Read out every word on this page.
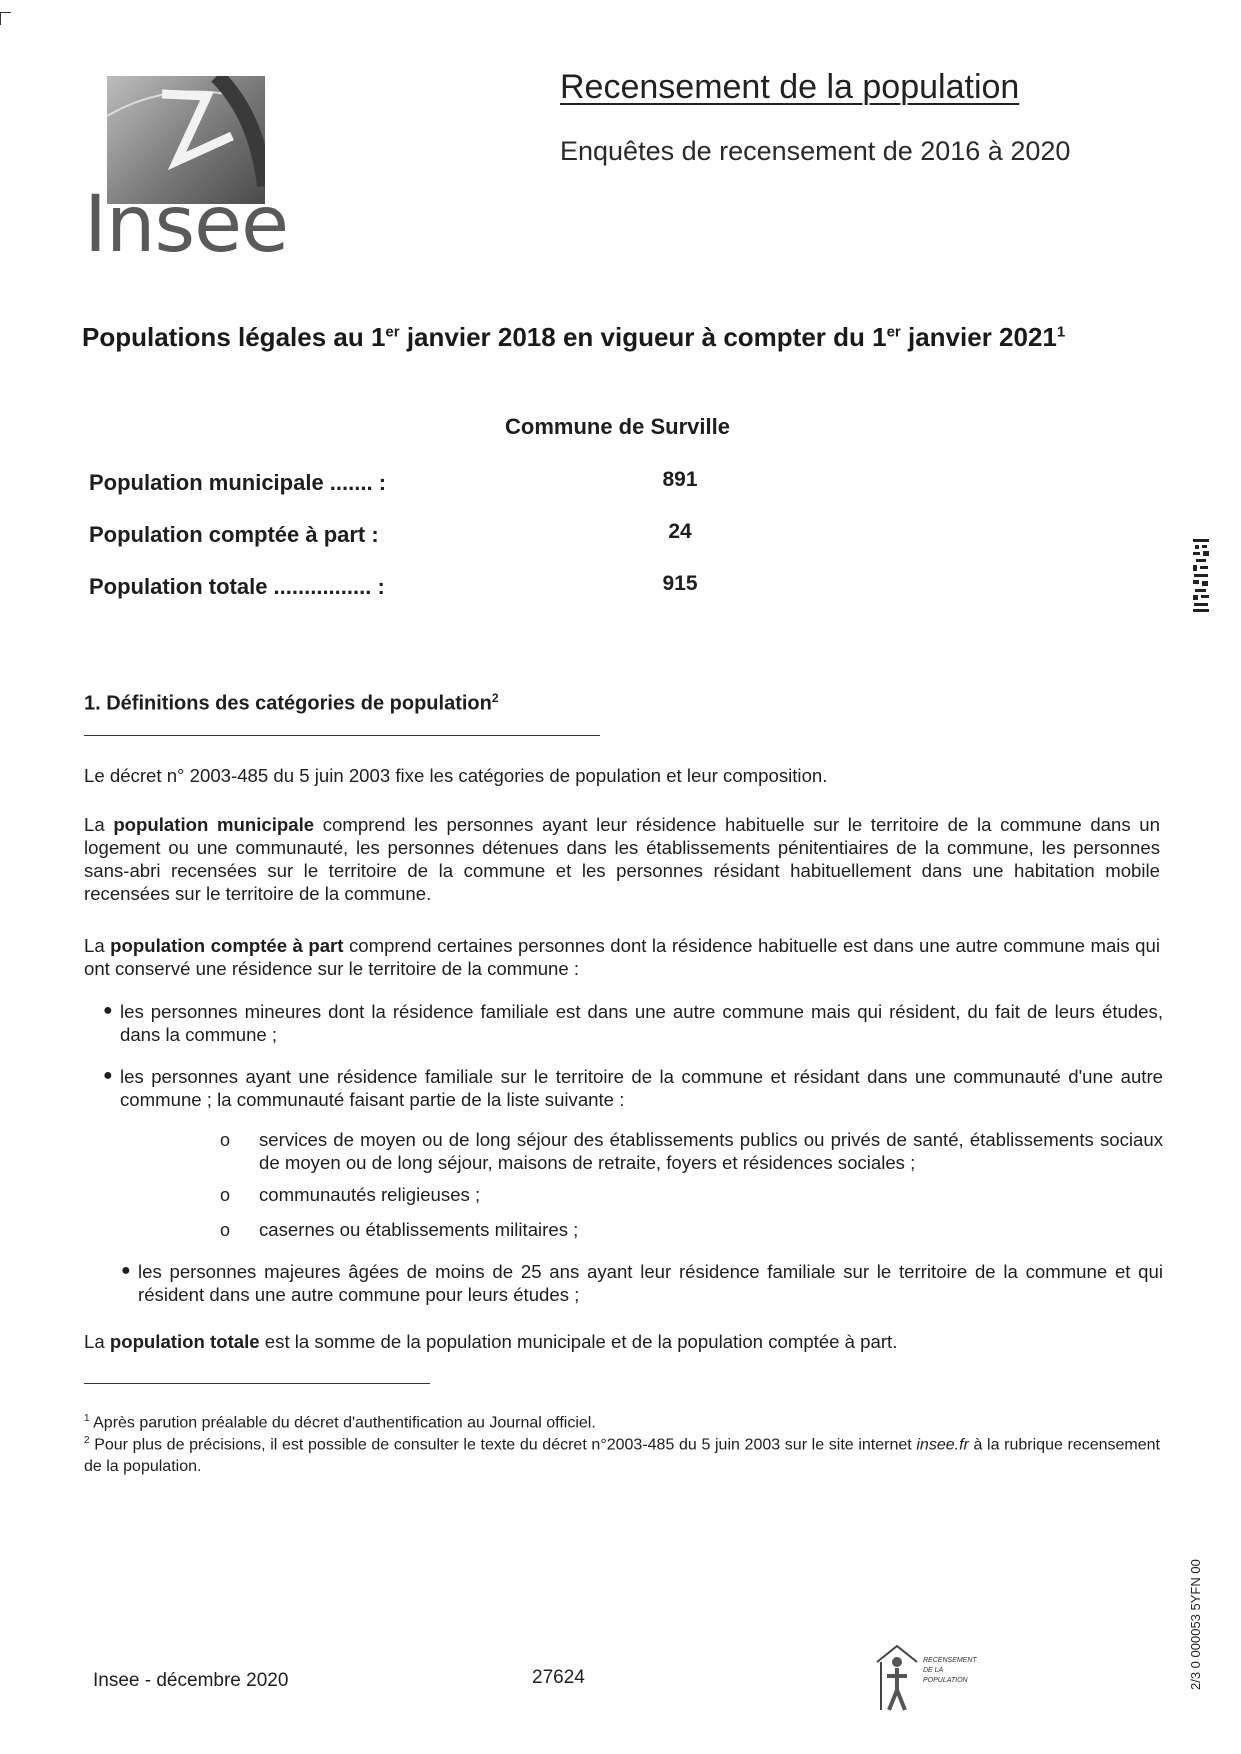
Insee
Recensement de la population
Enquêtes de recensement de 2016 à 2020
Populations légales au 1er janvier 2018 en vigueur à compter du 1er janvier 2021$^1$
Commune de Surville
Population municipale ....... :	891
Population comptée à part :	24
Population totale ................ :	915
1. Définitions des catégories de population$^2$
Le décret n° 2003-485 du 5 juin 2003 fixe les catégories de population et leur composition.
La population municipale comprend les personnes ayant leur résidence habituelle sur le territoire de la commune dans un logement ou une communauté, les personnes détenues dans les établissements pénitentiaires de la commune, les personnes sans-abri recensées sur le territoire de la commune et les personnes résidant habituellement dans une habitation mobile recensées sur le territoire de la commune.
La population comptée à part comprend certaines personnes dont la résidence habituelle est dans une autre commune mais qui ont conservé une résidence sur le territoire de la commune :
● les personnes mineures dont la résidence familiale est dans une autre commune mais qui résident, du fait de leurs études, dans la commune ;
● les personnes ayant une résidence familiale sur le territoire de la commune et résidant dans une communauté d'une autre commune ; la communauté faisant partie de la liste suivante :
o services de moyen ou de long séjour des établissements publics ou privés de santé, établissements sociaux de moyen ou de long séjour, maisons de retraite, foyers et résidences sociales ;
o communautés religieuses ;
o casernes ou établissements militaires ;
● les personnes majeures âgées de moins de 25 ans ayant leur résidence familiale sur le territoire de la commune et qui résident dans une autre commune pour leurs études ;
La population totale est la somme de la population municipale et de la population comptée à part.
$^1$ Après parution préalable du décret d'authentification au Journal officiel.
$^2$ Pour plus de précisions, il est possible de consulter le texte du décret n°2003-485 du 5 juin 2003 sur le site internet insee.fr à la rubrique recensement de la population.
Insee - décembre 2020	27624
RECENSEMENT DE LA POPULATION	2/3 0 000053 5YFN 00
